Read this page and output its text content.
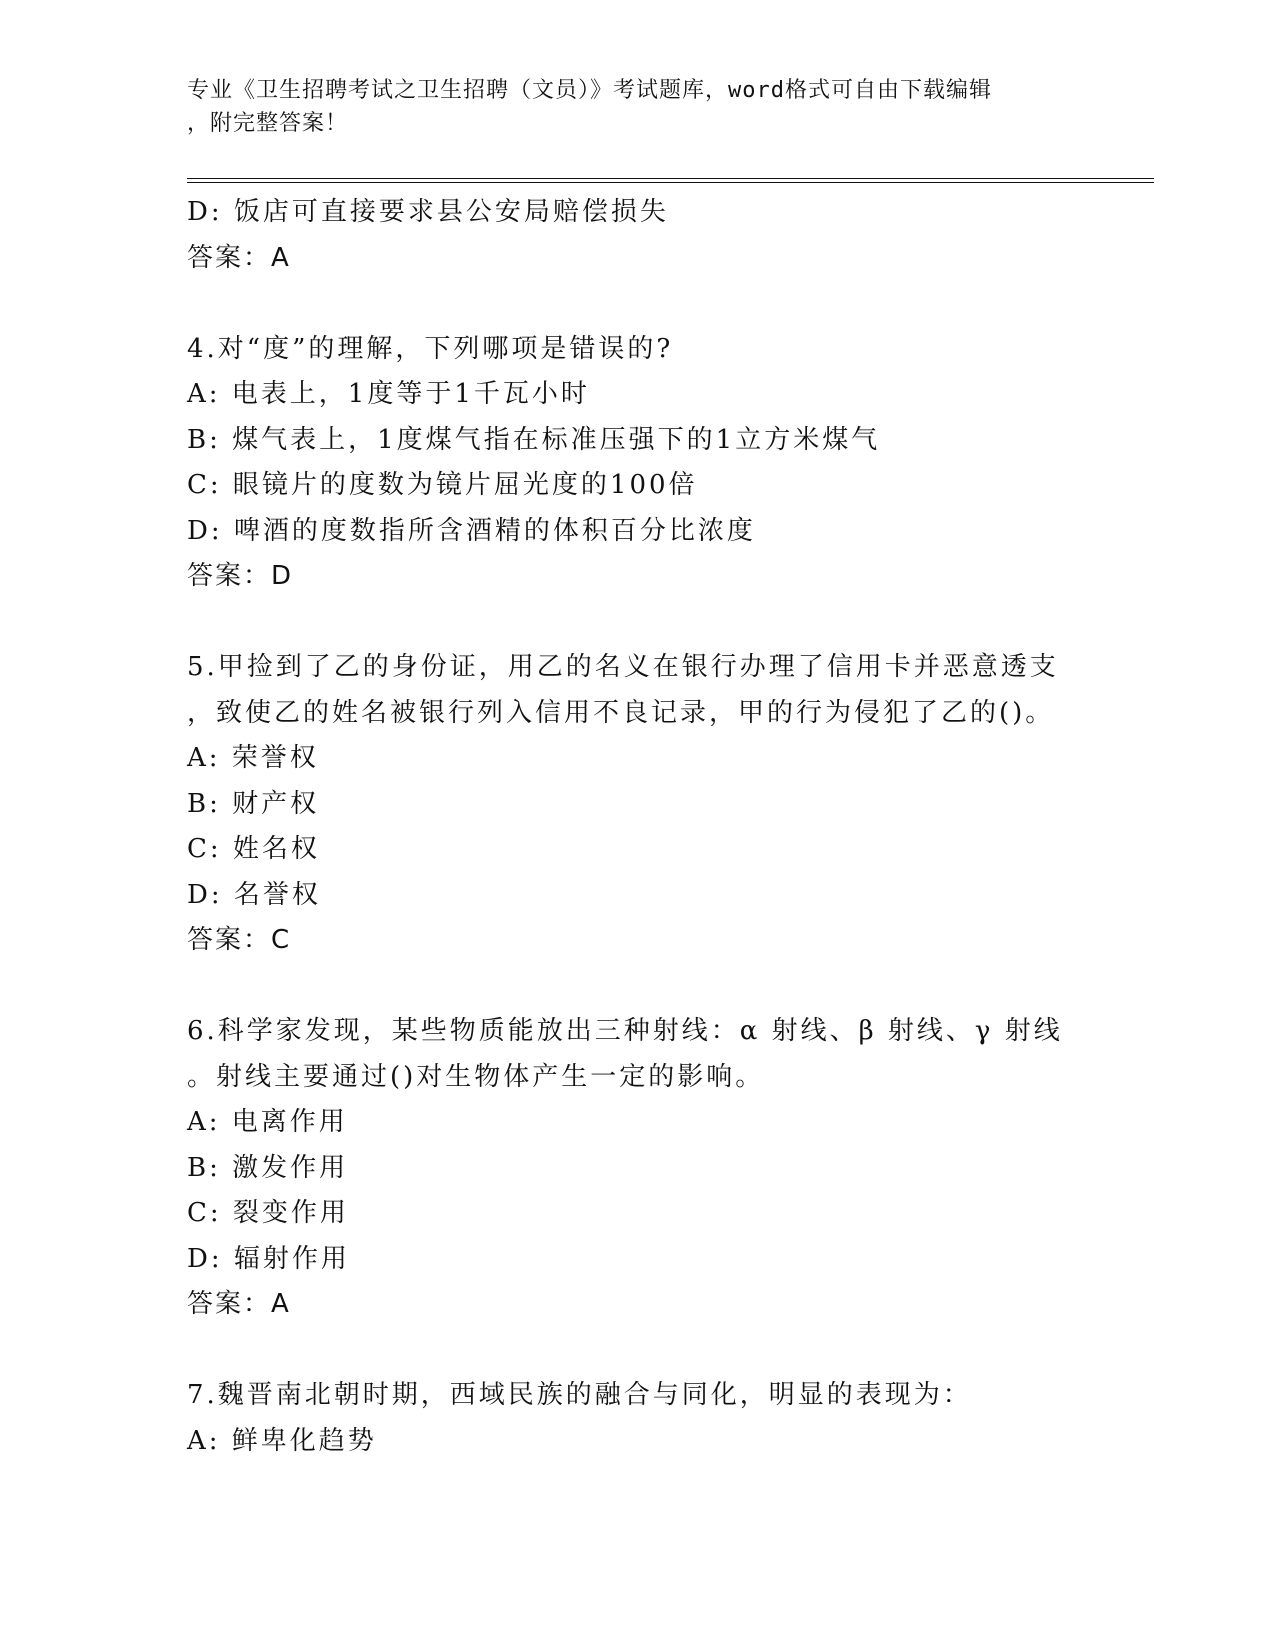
专业《卫生招聘考试之卫生招聘（文员）》考试题库，word格式可自由下载编辑
，附完整答案！
D: 饭店可直接要求县公安局赔偿损失
答案：A
4.对“度”的理解，下列哪项是错误的?
A: 电表上，1度等于1千瓦小时
B: 煤气表上，1度煤气指在标准压强下的1立方米煤气
C: 眼镜片的度数为镜片屈光度的100倍
D: 啤酒的度数指所含酒精的体积百分比浓度
答案：D
5.甲捡到了乙的身份证，用乙的名义在银行办理了信用卡并恶意透支
，致使乙的姓名被银行列入信用不良记录，甲的行为侵犯了乙的()。
A: 荣誉权
B: 财产权
C: 姓名权
D: 名誉权
答案：C
6.科学家发现，某些物质能放出三种射线：α 射线、β 射线、γ 射线
。射线主要通过()对生物体产生一定的影响。
A: 电离作用
B: 激发作用
C: 裂变作用
D: 辐射作用
答案：A
7.魏晋南北朝时期，西域民族的融合与同化，明显的表现为：
A: 鲜卑化趋势
